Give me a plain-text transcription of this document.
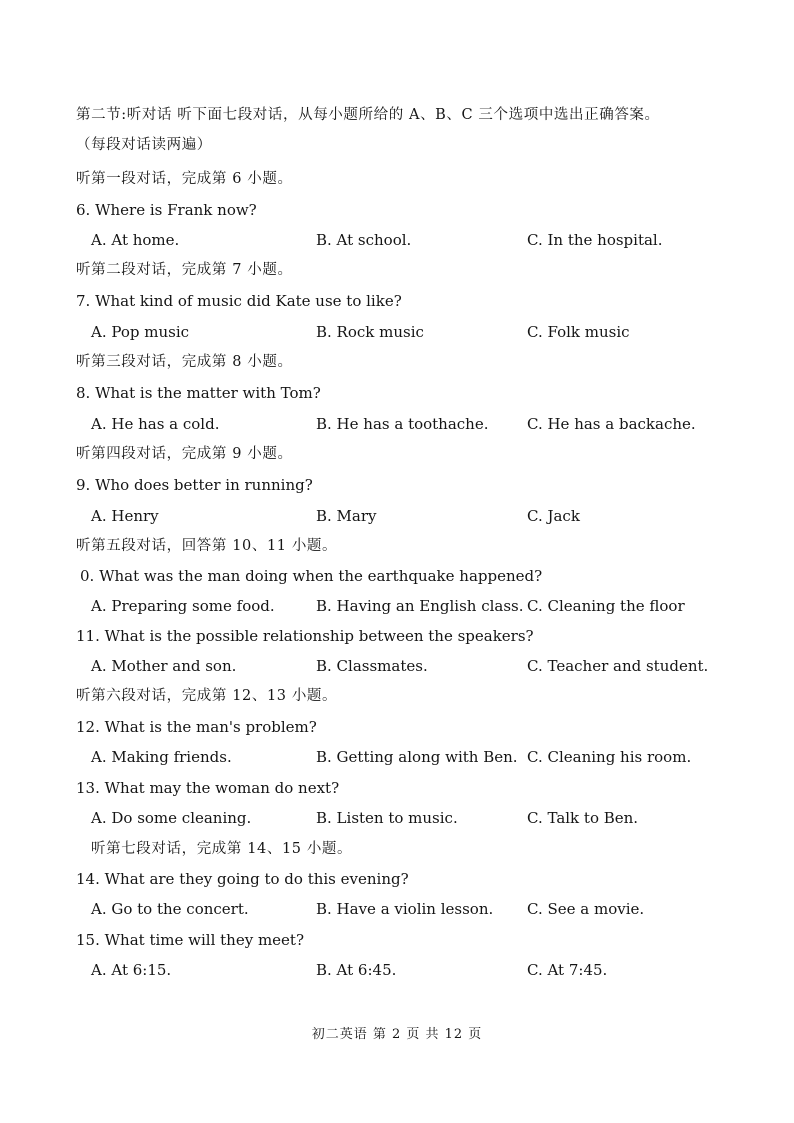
第二节:听对话 听下面七段对话，从每小题所给的 A、B、C 三个选项中选出正确答案。
（每段对话读两遍）
听第一段对话，完成第 6 小题。
6. Where is Frank now?
A. At home.	B. At school.	C. In the hospital.
听第二段对话，完成第 7 小题。
7. What kind of music did Kate use to like?
A. Pop music	B. Rock music	C. Folk music
听第三段对话，完成第 8 小题。
8. What is the matter with Tom?
A. He has a cold.	B. He has a toothache.	C. He has a backache.
听第四段对话，完成第 9 小题。
9. Who does better in running?
A. Henry	B. Mary	C. Jack
听第五段对话，回答第 10、11 小题。
0. What was the man doing when the earthquake happened?
A. Preparing some food.	B. Having an English class. C. Cleaning the floor
11. What is the possible relationship between the speakers?
A. Mother and son.	B. Classmates.	C. Teacher and student.
听第六段对话，完成第 12、13 小题。
12. What is the man's problem?
A. Making friends.	B. Getting along with Ben. C. Cleaning his room.
13. What may the woman do next?
A. Do some cleaning.	B. Listen to music.	C. Talk to Ben.
听第七段对话，完成第 14、15 小题。
14. What are they going to do this evening?
A. Go to the concert.	B. Have a violin lesson. C. See a movie.
15. What time will they meet?
A. At 6:15.	B. At 6:45.	C. At 7:45.
初二英语 第 2 页 共 12 页
